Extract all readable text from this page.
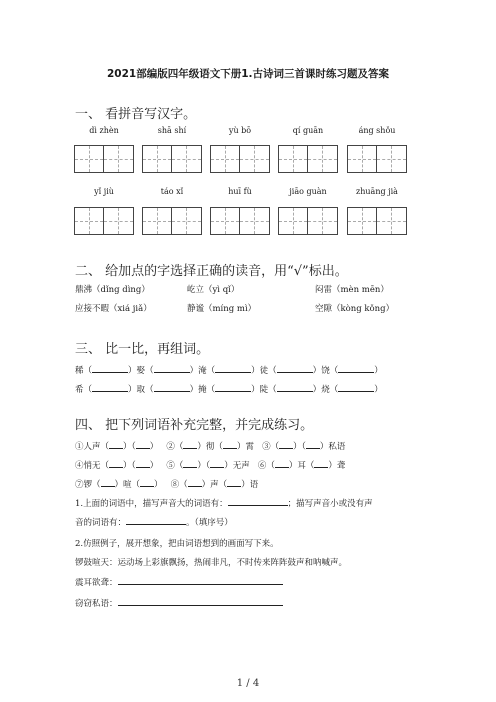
2021部编版四年级语文下册1.古诗词三首课时练习题及答案
一、 看拼音写汉字。
dì zhèn	shā shí	yù bō	qí guān	áng shǒu
yǐ jiù	táo xǐ	huī fù	jiāo guàn	zhuāng jià
二、 给加点的字选择正确的读音，用“√”标出。
鼎沸（dǐng dìng）	屹立（yì qǐ）	闷雷（mèn mēn）
应接不暇（xiá jiǎ）	静谧（míng mì）	空隙（kòng kǒng）
三、 比一比，再组词。
稀（	）娶（	）淹（	）徒（	）饶（	）
希（	）取（	）掩（	）陡（	）烧（	）
四、 把下列词语补充完整，并完成练习。
①人声（ ）（ ） ②（ ）彻（ ）霄 ③（ ）（ ）私语
④悄无（ ）（ ） ⑤（ ）（ ）无声 ⑥（ ）耳（ ）聋
⑦锣（ ）喧（ ） ⑧（ ）声（ ）语
1.上面的词语中，描写声音大的词语有：	；描写声音小或没有声
音的词语有：	。（填序号）
2.仿照例子，展开想象，把由词语想到的画面写下来。
锣鼓喧天：运动场上彩旗飘扬，热闹非凡，不时传来阵阵鼓声和呐喊声。
震耳欲聋：
窃窃私语：
1 / 4
